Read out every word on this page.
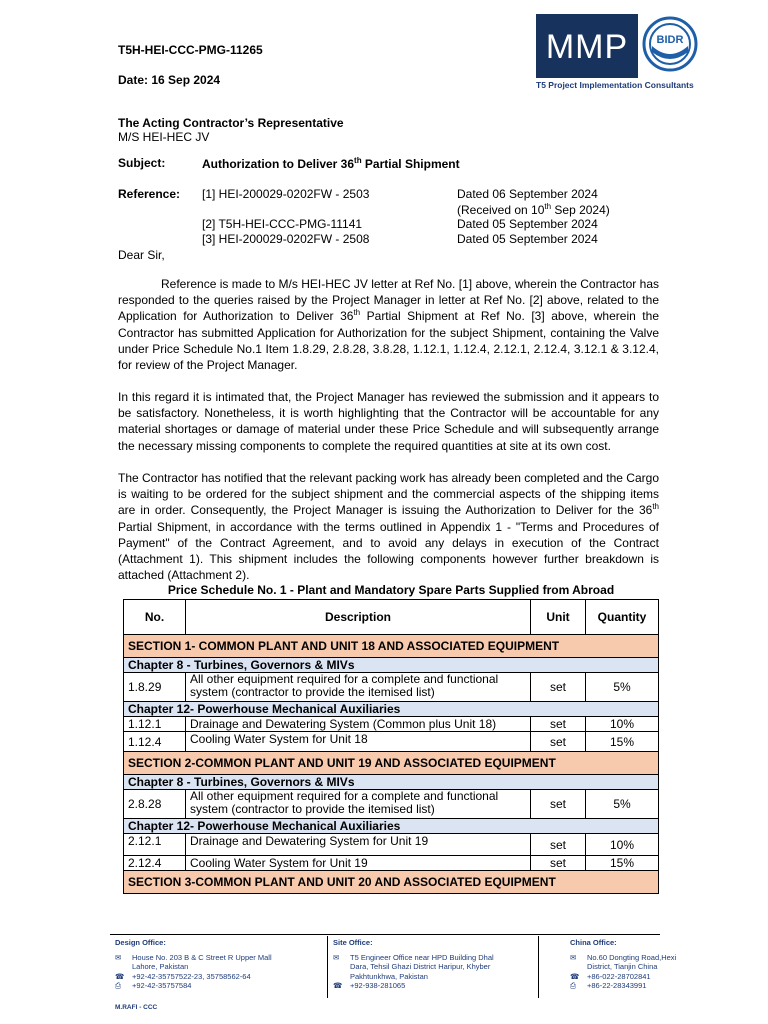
T5H-HEI-CCC-PMG-11265
Date: 16 Sep 2024
MMP	BIDR
T5 Project Implementation Consultants
The Acting Contractor’s Representative
M/S HEI-HEC JV
Subject:	Authorization to Deliver 36th Partial Shipment
Reference: [1] HEI-200029-0202FW - 2503	Dated 06 September 2024
(Received on 10th Sep 2024)
[2] T5H-HEI-CCC-PMG-11141	Dated 05 September 2024
[3] HEI-200029-0202FW - 2508	Dated 05 September 2024
Dear Sir,

Reference is made to M/s HEI-HEC JV letter at Ref No. [1] above, wherein the Contractor has responded to the queries raised by the Project Manager in letter at Ref No. [2] above, related to the Application for Authorization to Deliver 36th Partial Shipment at Ref No. [3] above, wherein the Contractor has submitted Application for Authorization for the subject Shipment, containing the Valve under Price Schedule No.1 Item 1.8.29, 2.8.28, 3.8.28, 1.12.1, 1.12.4, 2.12.1, 2.12.4, 3.12.1 & 3.12.4, for review of the Project Manager.

In this regard it is intimated that, the Project Manager has reviewed the submission and it appears to be satisfactory. Nonetheless, it is worth highlighting that the Contractor will be accountable for any material shortages or damage of material under these Price Schedule and will subsequently arrange the necessary missing components to complete the required quantities at site at its own cost.

The Contractor has notified that the relevant packing work has already been completed and the Cargo is waiting to be ordered for the subject shipment and the commercial aspects of the shipping items are in order. Consequently, the Project Manager is issuing the Authorization to Deliver for the 36th Partial Shipment, in accordance with the terms outlined in Appendix 1 - "Terms and Procedures of Payment" of the Contract Agreement, and to avoid any delays in execution of the Contract (Attachment 1). This shipment includes the following components however further breakdown is attached (Attachment 2).

Price Schedule No. 1 - Plant and Mandatory Spare Parts Supplied from Abroad
No.	Description	Unit	Quantity
SECTION 1- COMMON PLANT AND UNIT 18 AND ASSOCIATED EQUIPMENT			
Chapter 8 - Turbines, Governors & MIVs			
1.8.29	All other equipment required for a complete and functional
system (contractor to provide the itemised list)	set	5%
Chapter 12- Powerhouse Mechanical Auxiliaries			
1.12.1	Drainage and Dewatering System (Common plus Unit 18)	set	10%
1.12.4	Cooling Water System for Unit 18	set	15%
SECTION 2-COMMON PLANT AND UNIT 19 AND ASSOCIATED EQUIPMENT			
Chapter 8 - Turbines, Governors & MIVs			
2.8.28	All other equipment required for a complete and functional
system (contractor to provide the itemised list)	set	5%
Chapter 12- Powerhouse Mechanical Auxiliaries			
2.12.1	Drainage and Dewatering System for Unit 19	set	10%
2.12.4	Cooling Water System for Unit 19	set	15%
SECTION 3-COMMON PLANT AND UNIT 20 AND ASSOCIATED EQUIPMENT			
Design Office:
✉	House No. 203 B & C Street R Upper Mall
Lahore, Pakistan
☎	+92-42-35757522-23, 35758562-64
⎙	+92-42-35757584
Site Office:
✉	T5 Engineer Office near HPD Building Dhal
Dara, Tehsil Ghazi District Haripur, Khyber
Pakhtunkhwa, Pakistan
☎	+92-938-281065
China Office:
✉	No.60 Dongting Road,Hexi
District, Tianjin China
☎	+86-022-28702841
⎙	+86-22-28343991
M.RAFI - CCC
